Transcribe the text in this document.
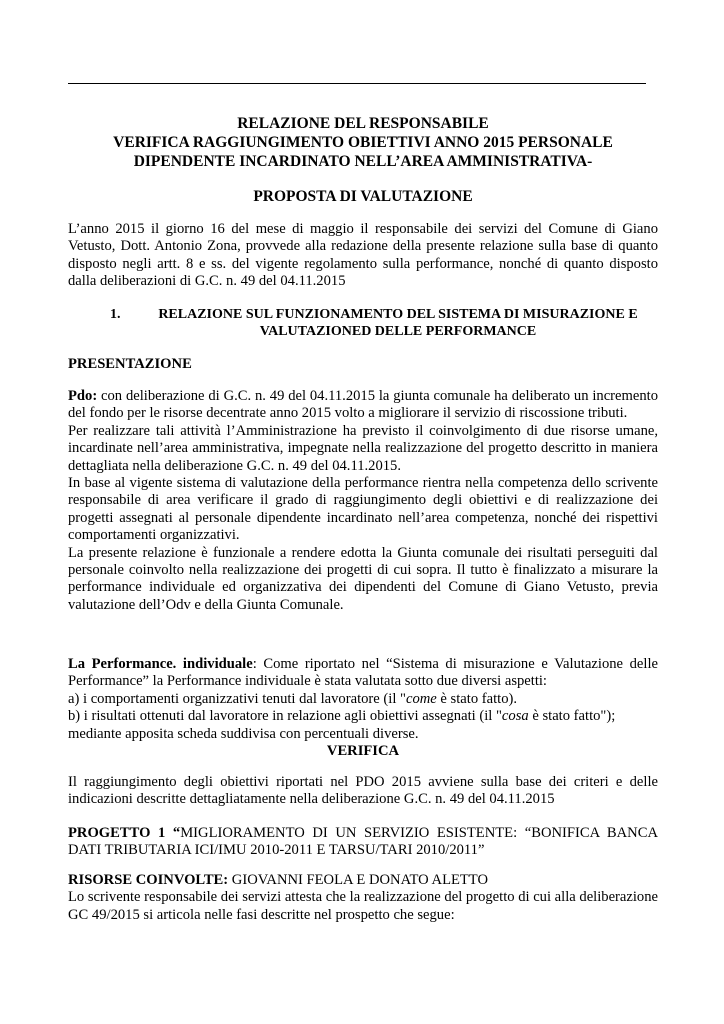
RELAZIONE DEL RESPONSABILE
VERIFICA RAGGIUNGIMENTO OBIETTIVI ANNO 2015 PERSONALE
DIPENDENTE INCARDINATO NELL’AREA AMMINISTRATIVA-
PROPOSTA DI VALUTAZIONE

L’anno 2015 il giorno 16 del mese di maggio il responsabile dei servizi del Comune di Giano Vetusto, Dott. Antonio Zona, provvede alla redazione della presente relazione sulla base di quanto disposto negli artt. 8 e ss. del vigente regolamento sulla performance, nonché di quanto disposto dalla deliberazioni di G.C. n. 49 del 04.11.2015

1.	RELAZIONE SUL FUNZIONAMENTO DEL SISTEMA DI MISURAZIONE E
VALUTAZIONED DELLE PERFORMANCE
PRESENTAZIONE

Pdo: con deliberazione di G.C. n. 49 del 04.11.2015 la giunta comunale ha deliberato un incremento del fondo per le risorse decentrate anno 2015 volto a migliorare il servizio di riscossione tributi.

Per realizzare tali attività l’Amministrazione ha previsto il coinvolgimento di due risorse umane, incardinate nell’area amministrativa, impegnate nella realizzazione del progetto descritto in maniera dettagliata nella deliberazione G.C. n. 49 del 04.11.2015.

In base al vigente sistema di valutazione della performance rientra nella competenza dello scrivente responsabile di area verificare il grado di raggiungimento degli obiettivi e di realizzazione dei progetti assegnati al personale dipendente incardinato nell’area competenza, nonché dei rispettivi comportamenti organizzativi.

La presente relazione è funzionale a rendere edotta la Giunta comunale dei risultati perseguiti dal personale coinvolto nella realizzazione dei progetti di cui sopra. Il tutto è finalizzato a misurare la performance individuale ed organizzativa dei dipendenti del Comune di Giano Vetusto, previa valutazione dell’Odv e della Giunta Comunale.

La Performance. individuale: Come riportato nel “Sistema di misurazione e Valutazione delle Performance” la Performance individuale è stata valutata sotto due diversi aspetti:

a) i comportamenti organizzativi tenuti dal lavoratore (il "come è stato fatto).

b) i risultati ottenuti dal lavoratore in relazione agli obiettivi assegnati (il "cosa è stato fatto");

mediante apposita scheda suddivisa con percentuali diverse.

VERIFICA

Il raggiungimento degli obiettivi riportati nel PDO 2015 avviene sulla base dei criteri e delle indicazioni descritte dettagliatamente nella deliberazione G.C. n. 49 del 04.11.2015

PROGETTO 1 “MIGLIORAMENTO DI UN SERVIZIO ESISTENTE: “BONIFICA BANCA DATI TRIBUTARIA ICI/IMU 2010-2011 E TARSU/TARI 2010/2011”

RISORSE COINVOLTE: GIOVANNI FEOLA E DONATO ALETTO

Lo scrivente responsabile dei servizi attesta che la realizzazione del progetto di cui alla deliberazione GC 49/2015 si articola nelle fasi descritte nel prospetto che segue:
